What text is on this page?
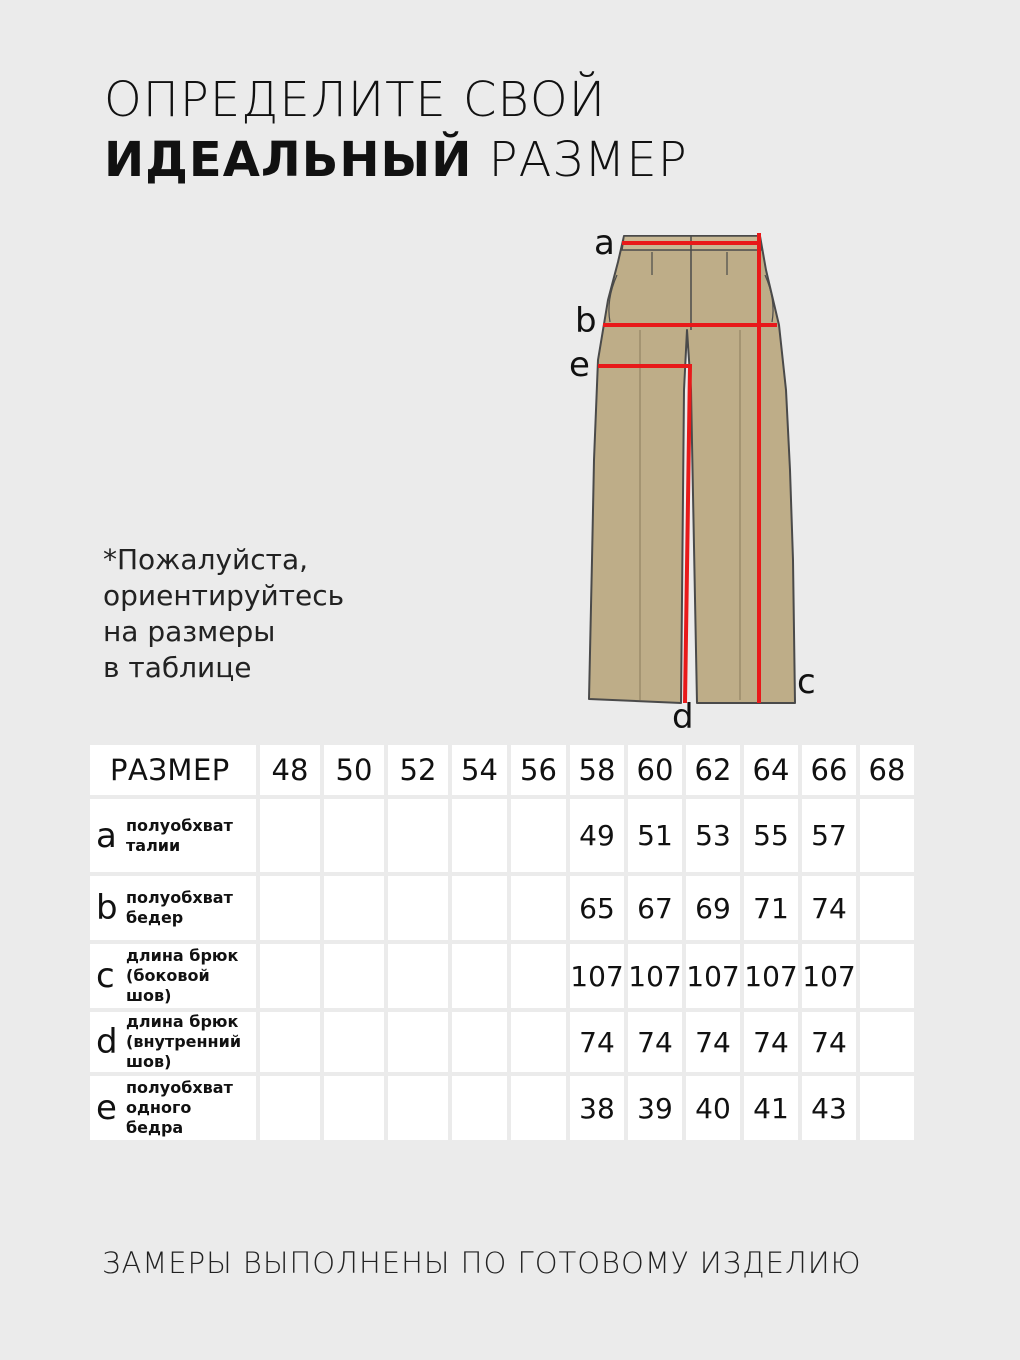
ОПРЕДЕЛИТЕ СВОЙ
ИДЕАЛЬНЫЙ РАЗМЕР
*Пожалуйста,
ориентируйтесь
на размеры
в таблице
a
b
e
c
d
РАЗМЕР	48	50	52	54	56	58	60	62	64	66	68

a полуобхват
талии						49	51	53	55	57	

b полуобхват
бедер						65	67	69	71	74	

c
длина брюк
(боковой
шов)						107	107	107	107	107	

d
длина брюк
(внутренний
шов)						74	74	74	74	74	

e
полуобхват
одного
бедра						38	39	40	41	43	
ЗАМЕРЫ ВЫПОЛНЕНЫ ПО ГОТОВОМУ ИЗДЕЛИЮ
